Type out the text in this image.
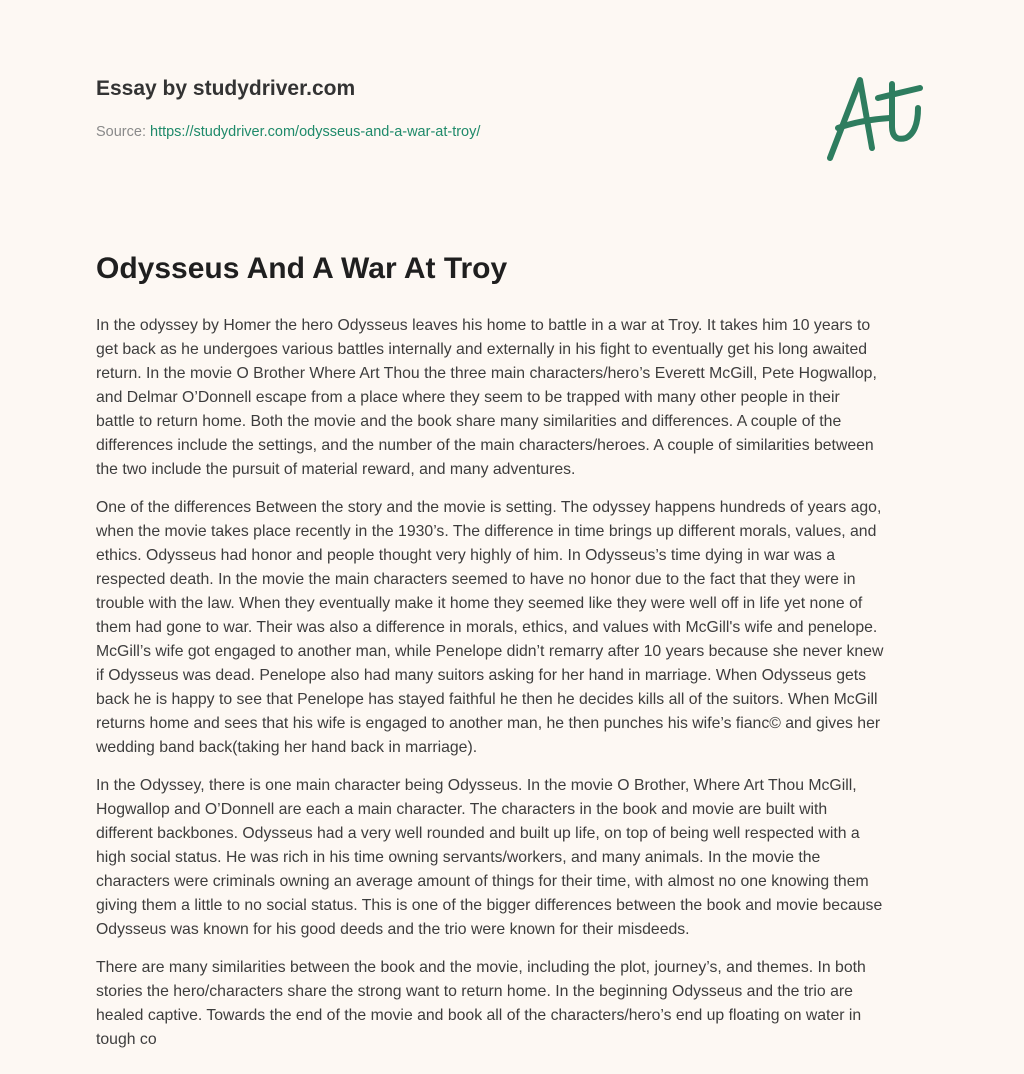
Essay by studydriver.com
Source: https://studydriver.com/odysseus-and-a-war-at-troy/
Odysseus And A War At Troy

In the odyssey by Homer the hero Odysseus leaves his home to battle in a war at Troy. It takes him 10 years to
get back as he undergoes various battles internally and externally in his fight to eventually get his long awaited
return. In the movie O Brother Where Art Thou the three main characters/hero’s Everett McGill, Pete Hogwallop,
and Delmar O’Donnell escape from a place where they seem to be trapped with many other people in their
battle to return home. Both the movie and the book share many similarities and differences. A couple of the
differences include the settings, and the number of the main characters/heroes. A couple of similarities between
the two include the pursuit of material reward, and many adventures.

One of the differences Between the story and the movie is setting. The odyssey happens hundreds of years ago,
when the movie takes place recently in the 1930’s. The difference in time brings up different morals, values, and
ethics. Odysseus had honor and people thought very highly of him. In Odysseus’s time dying in war was a
respected death. In the movie the main characters seemed to have no honor due to the fact that they were in
trouble with the law. When they eventually make it home they seemed like they were well off in life yet none of
them had gone to war. Their was also a difference in morals, ethics, and values with McGill's wife and penelope.
McGill’s wife got engaged to another man, while Penelope didn’t remarry after 10 years because she never knew
if Odysseus was dead. Penelope also had many suitors asking for her hand in marriage. When Odysseus gets
back he is happy to see that Penelope has stayed faithful he then he decides kills all of the suitors. When McGill
returns home and sees that his wife is engaged to another man, he then punches his wife’s fianc© and gives her
wedding band back(taking her hand back in marriage).

In the Odyssey, there is one main character being Odysseus. In the movie O Brother, Where Art Thou McGill,
Hogwallop and O’Donnell are each a main character. The characters in the book and movie are built with
different backbones. Odysseus had a very well rounded and built up life, on top of being well respected with a
high social status. He was rich in his time owning servants/workers, and many animals. In the movie the
characters were criminals owning an average amount of things for their time, with almost no one knowing them
giving them a little to no social status. This is one of the bigger differences between the book and movie because
Odysseus was known for his good deeds and the trio were known for their misdeeds.

There are many similarities between the book and the movie, including the plot, journey’s, and themes. In both
stories the hero/characters share the strong want to return home. In the beginning Odysseus and the trio are
healed captive. Towards the end of the movie and book all of the characters/hero’s end up floating on water in
tough co
